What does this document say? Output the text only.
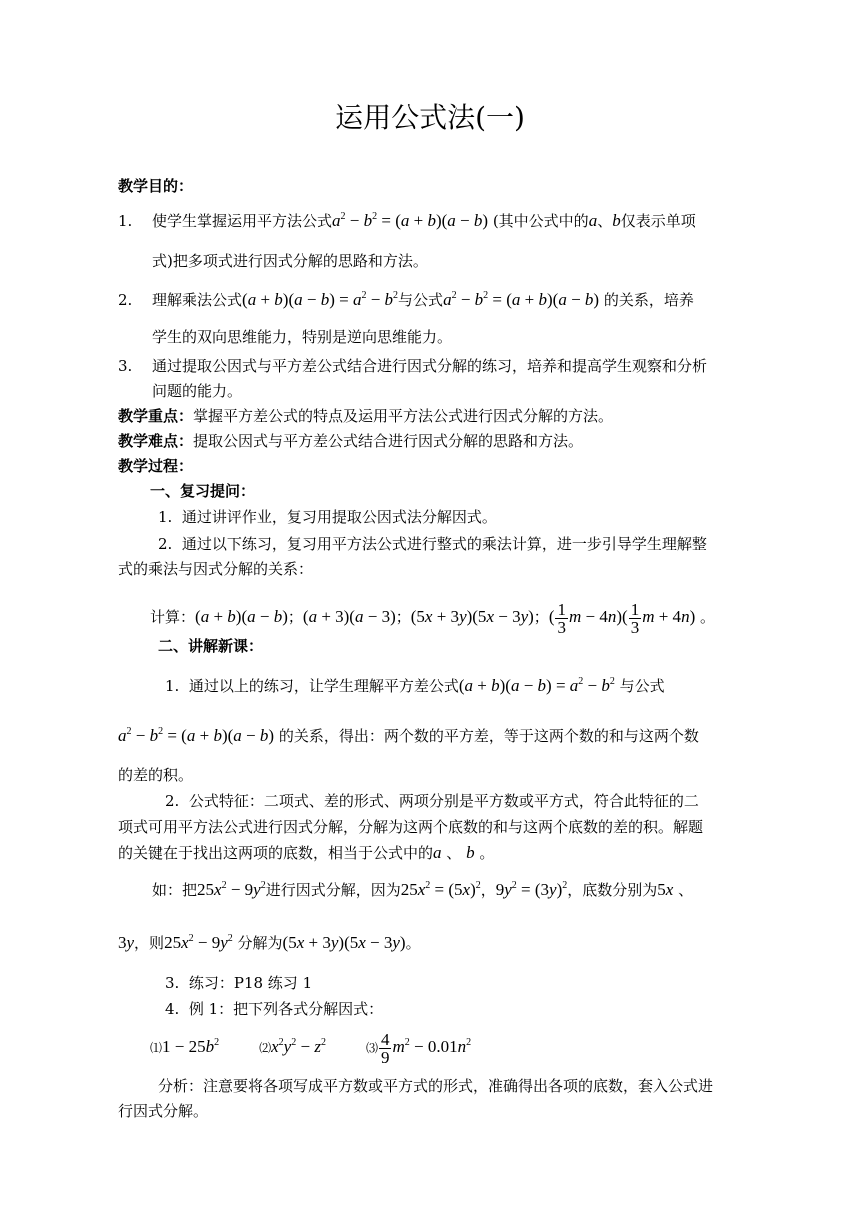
运用公式法(一)
教学目的：
1. 使学生掌握运用平方法公式$a^2 - b^2 = (a + b)(a - b)$ (其中公式中的a、b仅表示单项
式)把多项式进行因式分解的思路和方法。
2. 理解乘法公式$(a + b)(a - b) = a^2 - b^2$与公式$a^2 - b^2 = (a + b)(a - b)$ 的关系，培养
学生的双向思维能力，特别是逆向思维能力。
3. 通过提取公因式与平方差公式结合进行因式分解的练习，培养和提高学生观察和分析
问题的能力。
教学重点：掌握平方差公式的特点及运用平方法公式进行因式分解的方法。
教学难点：提取公因式与平方差公式结合进行因式分解的思路和方法。
教学过程：
一、复习提问：
1.  通过讲评作业，复习用提取公因式法分解因式。
2.  通过以下练习，复习用平方法公式进行整式的乘法计算，进一步引导学生理解整
式的乘法与因式分解的关系：
计算：(a + b)(a − b)；(a + 3)(a − 3)；(5x + 3y)(5x − 3y)；( $\frac{1}{3}$ $m - 4n)( \frac{1}{3}$ m + 4n) 。
二、讲解新课：
1.  通过以上的练习，让学生理解平方差公式$(a + b)(a - b) = a^2 - b^2$ 与公式
$a^2 - b^2 = (a + b)(a - b)$ 的关系，得出：两个数的平方差，等于这两个数的和与这两个数
的差的积。
2.  公式特征：二项式、差的形式、两项分别是平方数或平方式，符合此特征的二
项式可用平方法公式进行因式分解，分解为这两个底数的和与这两个底数的差的积。解题
的关键在于找出这两项的底数，相当于公式中的a 、 b 。
如：把$25x^2 - 9y^2$进行因式分解，因为$25x^2 = (5x)^2$，$9y^2 = (3y)^2$，底数分别为5x 、
3y，则$25x^2 - 9y^2$ 分解为(5x + 3y)(5x − 3y)。
3.  练习：P18 练习 1
4.  例 1：把下列各式分解因式：
⑴1 − $25b^2$	$⑵x^2y^2 - z^2$	⑶ $\frac{4}{9} m^2 - 0.01n^2$
分析：注意要将各项写成平方数或平方式的形式，准确得出各项的底数，套入公式进
行因式分解。
